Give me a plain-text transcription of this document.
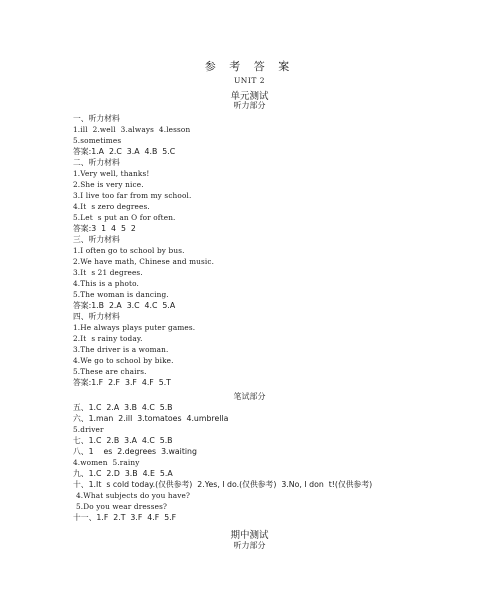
参 考 答 案
UNIT 2
单元测试
听力部分
一、听力材料
1.ill  2.well  3.always  4.lesson
5.sometimes
答案:1.A  2.C  3.A  4.B  5.C
二、听力材料
1.Very well, thanks!
2.She is very nice.
3.I live too far from my school.
4.It  s zero degrees.
5.Let  s put an O for often.
答案:3  1  4  5  2
三、听力材料
1.I often go to school by bus.
2.We have math, Chinese and music.
3.It  s 21 degrees.
4.This is a photo.
5.The woman is dancing.
答案:1.B  2.A  3.C  4.C  5.A
四、听力材料
1.He always plays puter games.
2.It  s rainy today.
3.The driver is a woman.
4.We go to school by bike.
5.These are chairs.
答案:1.F  2.F  3.F  4.F  5.T
笔试部分
五、1.C  2.A  3.B  4.C  5.B
六、1.man  2.ill  3.tomatoes  4.umbrella
5.driver
七、1.C  2.B  3.A  4.C  5.B
八、1    es  2.degrees  3.waiting
4.women  5.rainy
九、1.C  2.D  3.B  4.E  5.A
十、1.It  s cold today.(仅供参考)  2.Yes, I do.(仅供参考)  3.No, I don  t!(仅供参考)
4.What subjects do you have?
5.Do you wear dresses?
十一、1.F  2.T  3.F  4.F  5.F
期中测试
听力部分
